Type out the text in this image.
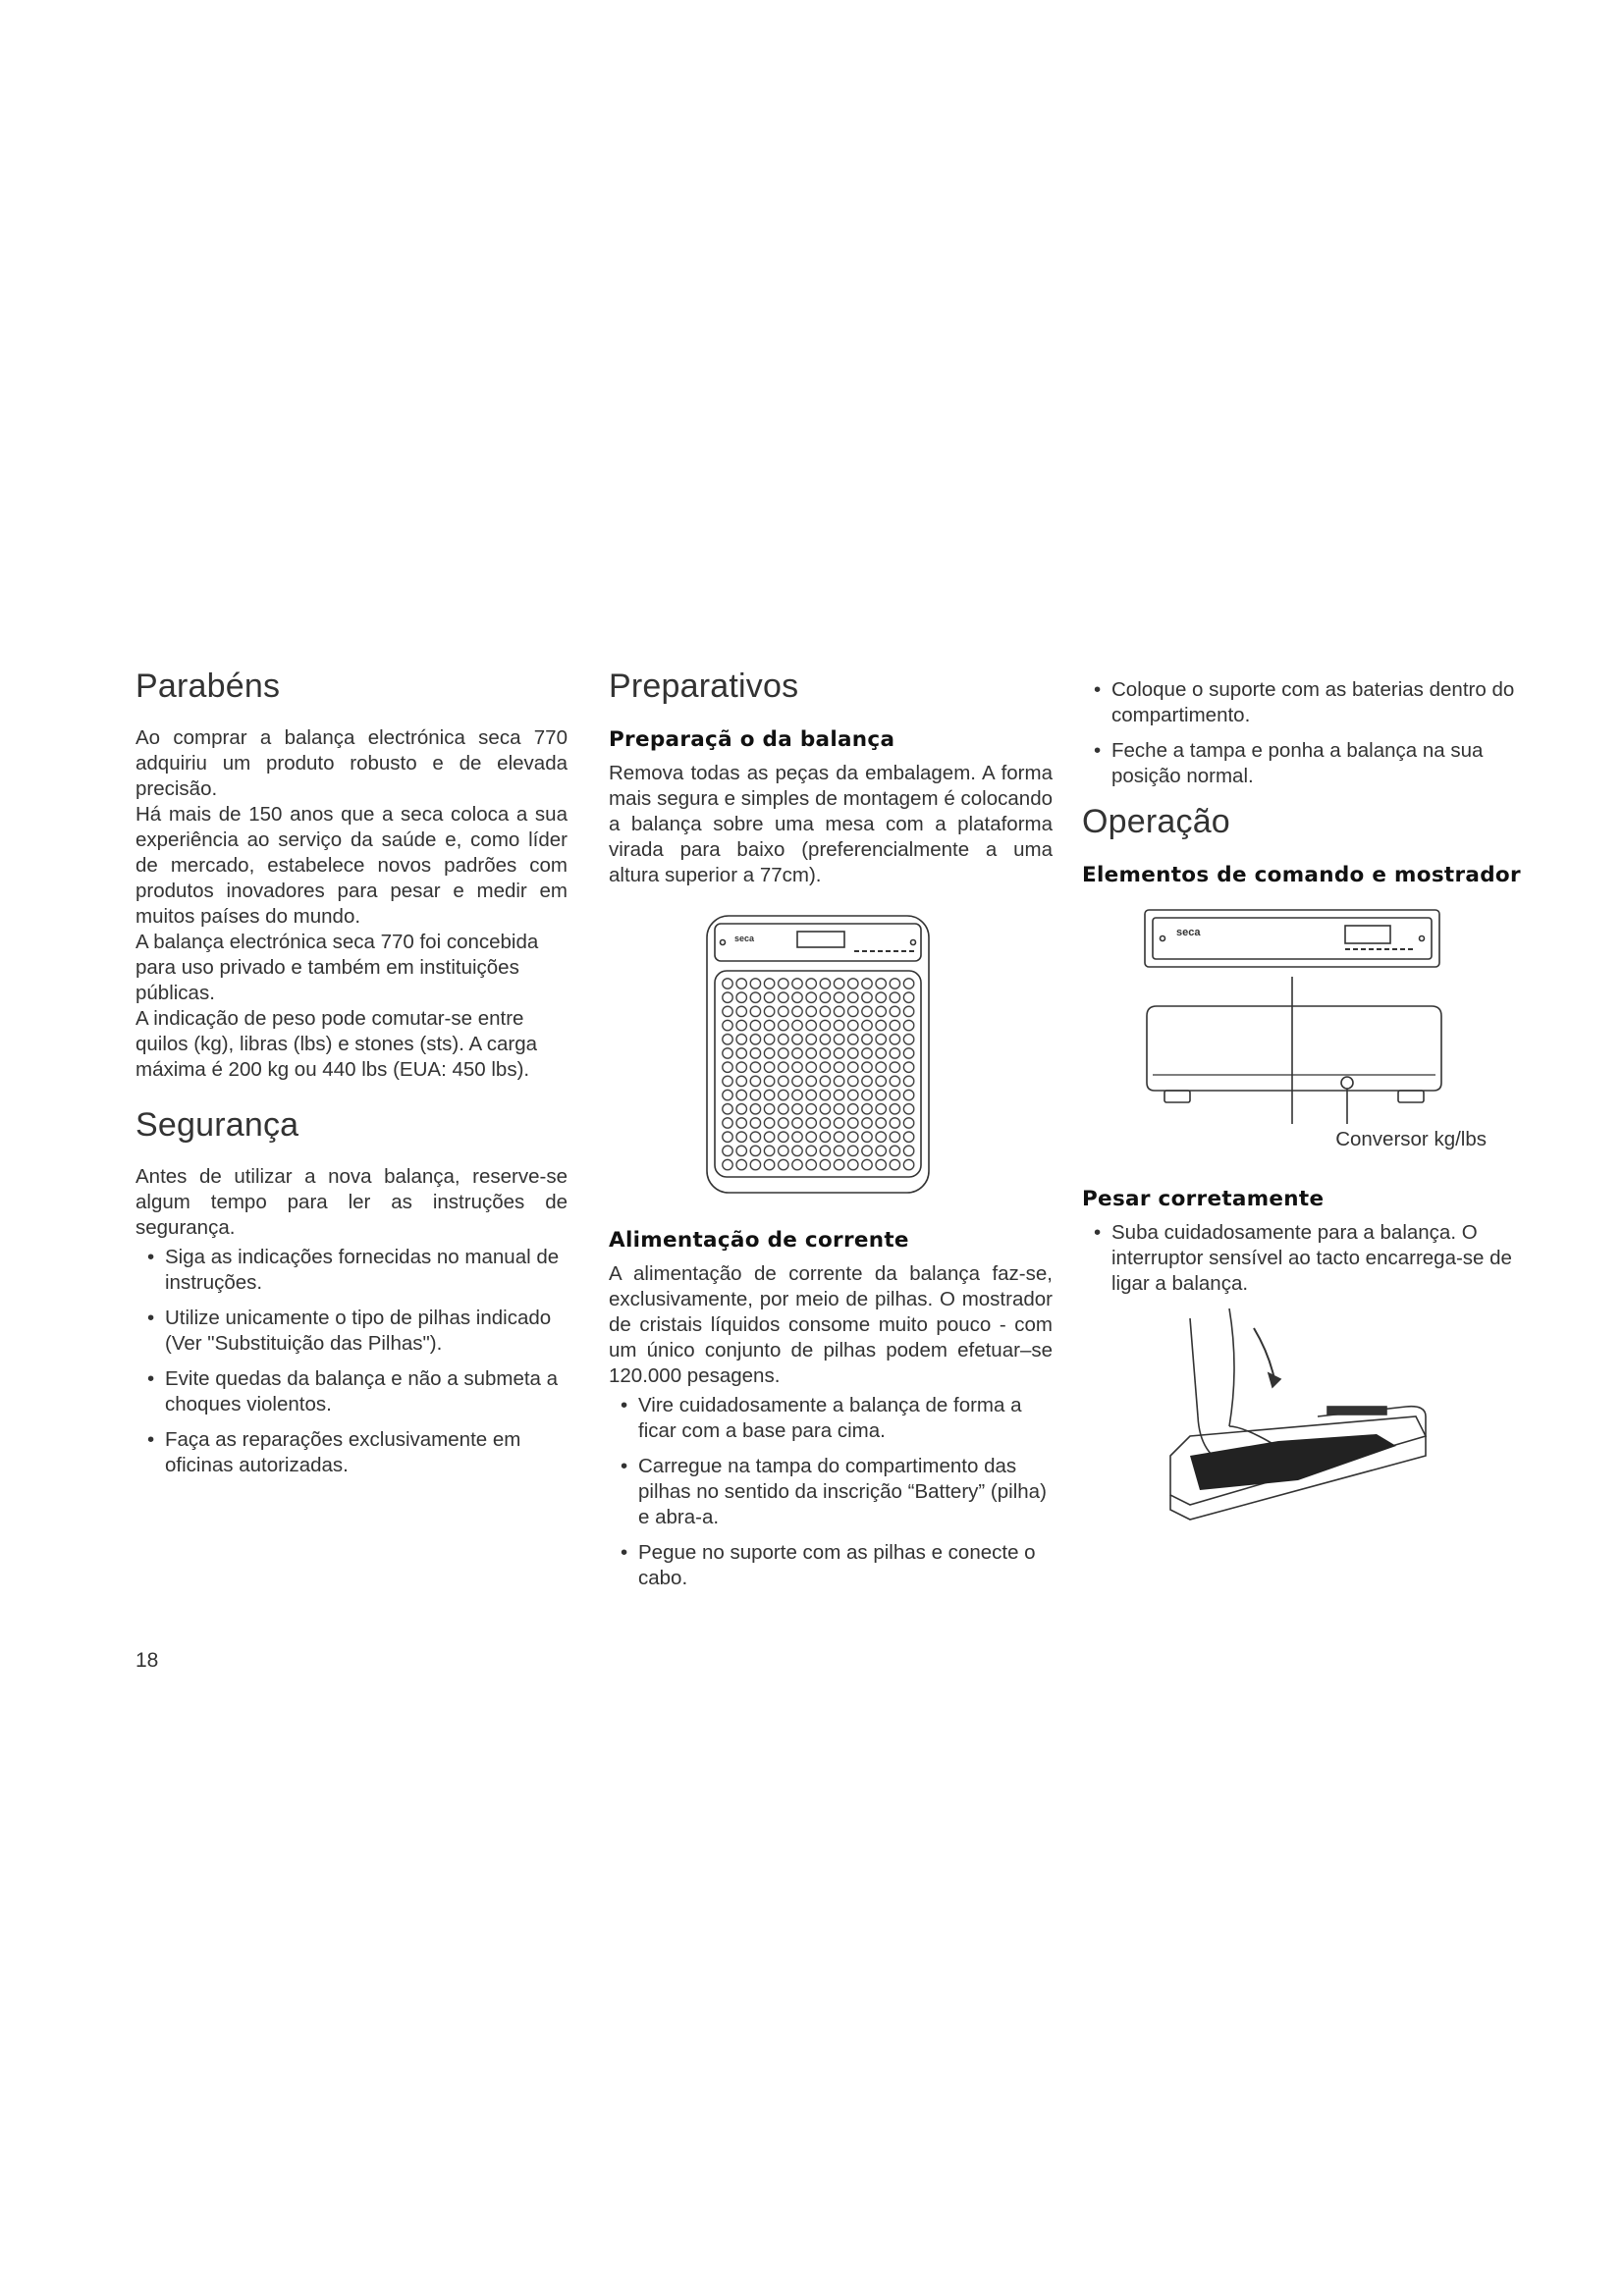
Parabéns

Ao comprar a balança electrónica seca 770 adquiriu um produto robusto e de elevada precisão.

Há mais de 150 anos que a seca coloca a sua experiência ao serviço da saúde e, como líder de mercado, estabelece novos padrões com produtos inovadores para pesar e medir em muitos países do mundo.

A balança electrónica seca 770 foi concebida para uso privado e também em instituições públicas.

A indicação de peso pode comutar-se entre quilos (kg), libras (lbs) e stones (sts). A carga máxima é 200 kg ou 440 lbs (EUA: 450 lbs).

Segurança

Antes de utilizar a nova balança, reserve-se algum tempo para ler as instruções de segurança.

• Siga as indicações fornecidas no manual de instruções.
• Utilize unicamente o tipo de pilhas indicado (Ver "Substituição das Pilhas").
• Evite quedas da balança e não a submeta a choques violentos.
• Faça as reparações exclusivamente em oficinas autorizadas.
Preparativos
Preparaçã o da balança

Remova todas as peças da embalagem. A forma mais segura e simples de montagem é colocando a balança sobre uma mesa com a plataforma virada para baixo (preferencialmente a uma altura superior a 77cm).

seca
Alimentação de corrente

A alimentação de corrente da balança faz-se, exclusivamente, por meio de pilhas. O mostrador de cristais líquidos consome muito pouco - com um único conjunto de pilhas podem efetuar–se 120.000 pesagens.

• Vire cuidadosamente a balança de forma a ficar com a base para cima.
• Carregue na tampa do compartimento das pilhas no sentido da inscrição “Battery” (pilha) e abra-a.
• Pegue no suporte com as pilhas e conecte o cabo.
• Coloque o suporte com as baterias dentro do compartimento.
• Feche a tampa e ponha a balança na sua posição normal.
Operação
Elementos de comando e mostrador
seca
Conversor kg/lbs
Pesar corretamente
• Suba cuidadosamente para a balança. O interruptor sensível ao tacto encarrega-se de ligar a balança.
18
